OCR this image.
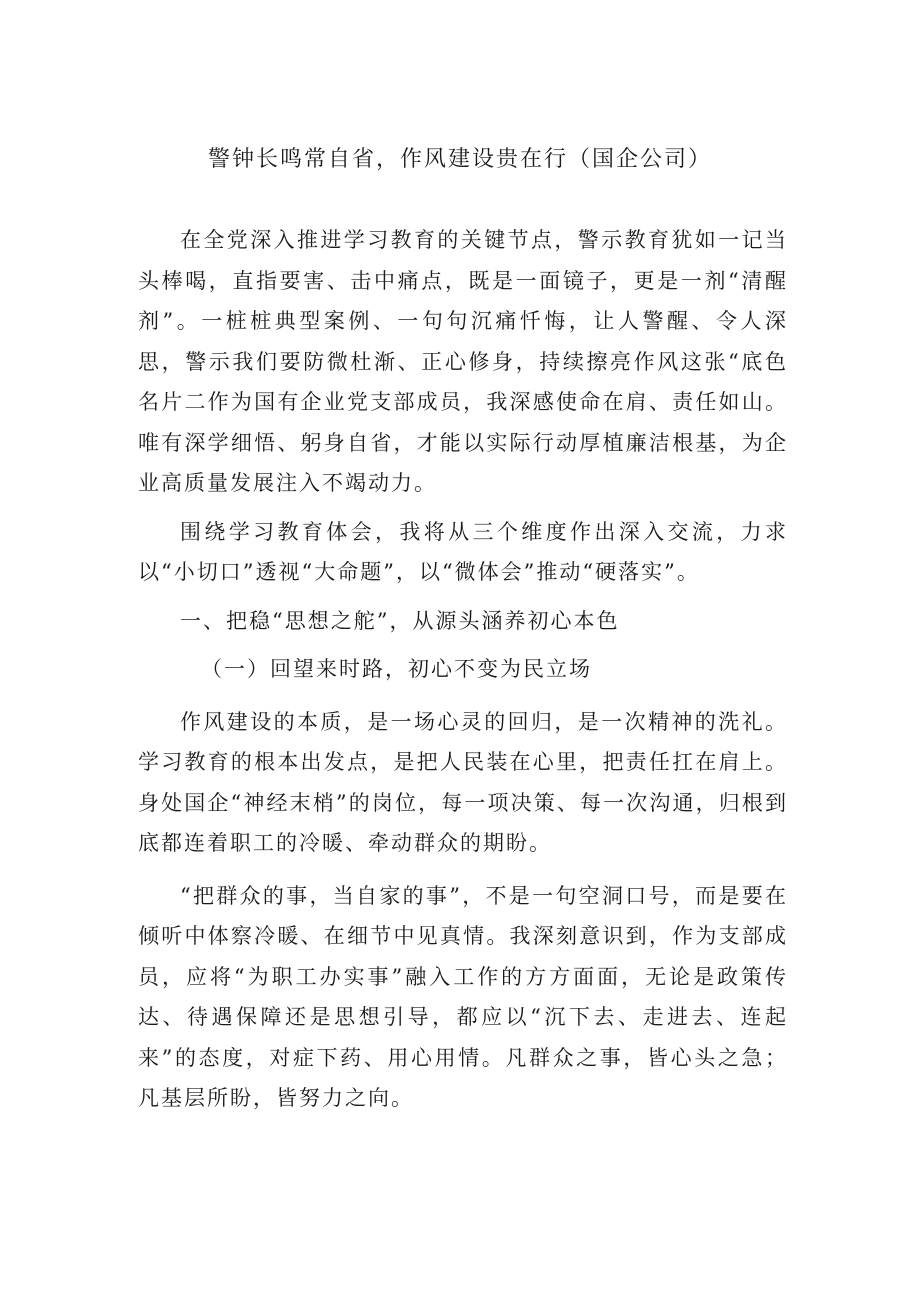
警钟长鸣常自省，作风建设贵在行（国企公司）

在全党深入推进学习教育的关键节点，警示教育犹如一记当头棒喝，直指要害、击中痛点，既是一面镜子，更是一剂“清醒剂”。一桩桩典型案例、一句句沉痛忏悔，让人警醒、令人深思，警示我们要防微杜渐、正心修身，持续擦亮作风这张“底色名片二作为国有企业党支部成员，我深感使命在肩、责任如山。唯有深学细悟、躬身自省，才能以实际行动厚植廉洁根基，为企业高质量发展注入不竭动力。

围绕学习教育体会，我将从三个维度作出深入交流，力求以“小切口”透视“大命题”，以“微体会”推动“硬落实”。

一、把稳“思想之舵”，从源头涵养初心本色

（一）回望来时路，初心不变为民立场

作风建设的本质，是一场心灵的回归，是一次精神的洗礼。学习教育的根本出发点，是把人民装在心里，把责任扛在肩上。身处国企“神经末梢”的岗位，每一项决策、每一次沟通，归根到底都连着职工的冷暖、牵动群众的期盼。

“把群众的事，当自家的事”，不是一句空洞口号，而是要在倾听中体察冷暖、在细节中见真情。我深刻意识到，作为支部成员，应将“为职工办实事”融入工作的方方面面，无论是政策传达、待遇保障还是思想引导，都应以“沉下去、走进去、连起来”的态度，对症下药、用心用情。凡群众之事，皆心头之急；凡基层所盼，皆努力之向。
